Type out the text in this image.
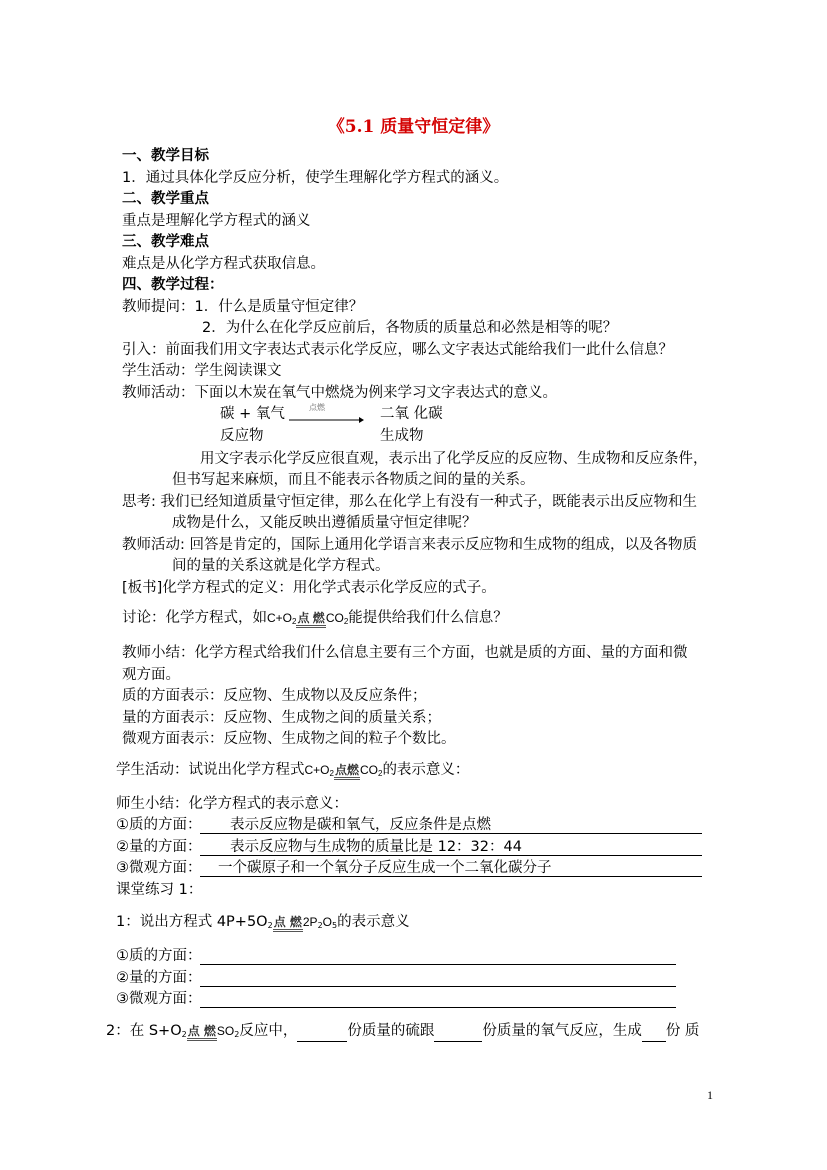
《5.1 质量守恒定律》
一、教学目标
1．通过具体化学反应分析，使学生理解化学方程式的涵义。
二、教学重点
重点是理解化学方程式的涵义
三、教学难点
难点是从化学方程式获取信息。
四、教学过程：
教师提问：1．什么是质量守恒定律？
2．为什么在化学反应前后，各物质的质量总和必然是相等的呢？
引入：前面我们用文字表达式表示化学反应，哪么文字表达式能给我们一此什么信息？
学生活动：学生阅读课文
教师活动：下面以木炭在氧气中燃烧为例来学习文字表达式的意义。
碳 + 氧气	点燃	二氧 化碳
反应物	生成物
用文字表示化学反应很直观，表示出了化学反应的反应物、生成物和反应条件，
但书写起来麻烦，而且不能表示各物质之间的量的关系。
思考: 我们已经知道质量守恒定律，那么在化学上有没有一种式子，既能表示出反应物和生
成物是什么，又能反映出遵循质量守恒定律呢？
教师活动: 回答是肯定的，国际上通用化学语言来表示反应物和生成物的组成，以及各物质
间的量的关系这就是化学方程式。
[板书]化学方程式的定义：用化学式表示化学反应的式子。
讨论：化学方程式，如$C+O_2$点 燃$CO_2$能提供给我们什么信息？
教师小结：化学方程式给我们什么信息主要有三个方面，也就是质的方面、量的方面和微
观方面。
质的方面表示：反应物、生成物以及反应条件；
量的方面表示：反应物、生成物之间的质量关系；
微观方面表示：反应物、生成物之间的粒子个数比。
学生活动：试说出化学方程式$C+O_2$点燃$CO_2$的表示意义：
师生小结：化学方程式的表示意义：
①质的方面： 表示反应物是碳和氧气，反应条件是点燃
②量的方面： 表示反应物与生成物的质量比是 12：32：44
③微观方面： 一个碳原子和一个氧分子反应生成一个二氧化碳分子
课堂练习 1：
1：说出方程式 $4P+5O_2$点 燃$2P_2O_5$的表示意义
①质的方面：
②量的方面：
③微观方面：
2：在 $S+O_2$点 燃$SO_2$反应中，	份质量的硫跟	份质量的氧气反应，生成 份 质
1
